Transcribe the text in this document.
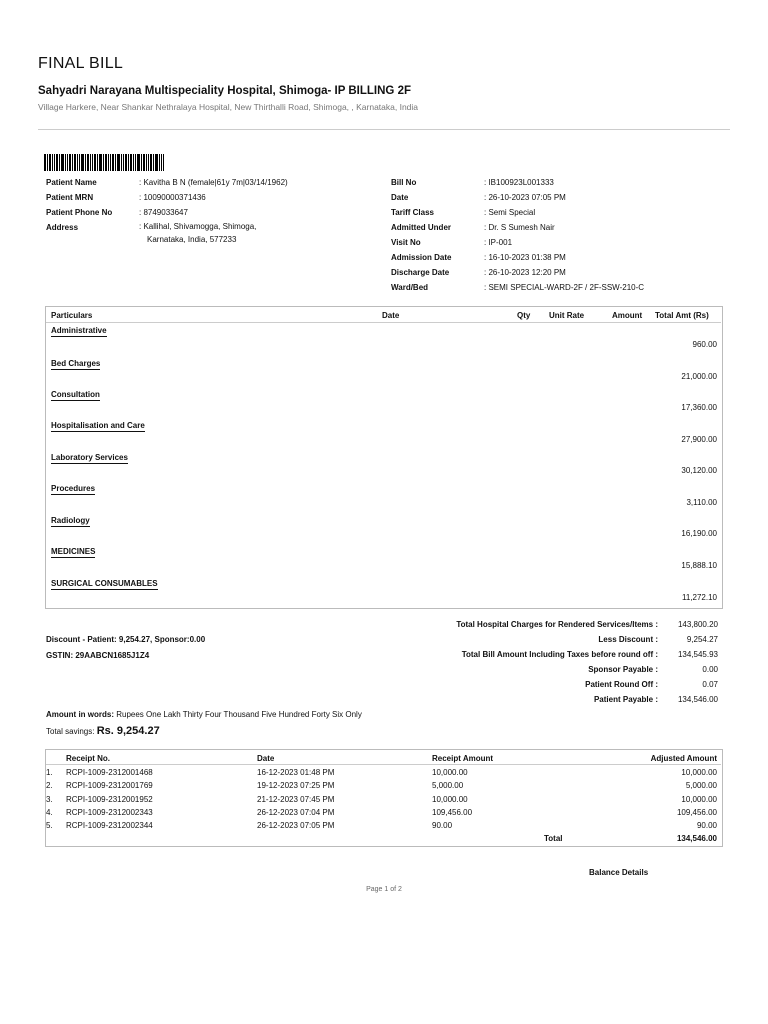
FINAL BILL
Sahyadri Narayana Multispeciality Hospital, Shimoga- IP BILLING 2F
Village Harkere, Near Shankar Nethralaya Hospital, New Thirthalli Road, Shimoga, , Karnataka, India
Patient Name	: Kavitha B N (female|61y 7m|03/14/1962)
Patient MRN	: 10090000371436
Patient Phone No	: 8749033647
Address	: Kallihal, Shivamogga, Shimoga,
Karnataka, India, 577233
Bill No	: IB100923L001333
Date	: 26-10-2023 07:05 PM
Tariff Class	: Semi Special
Admitted Under	: Dr. S Sumesh Nair
Visit No	: IP-001
Admission Date	: 16-10-2023 01:38 PM
Discharge Date	: 26-10-2023 12:20 PM
Ward/Bed	: SEMI SPECIAL-WARD-2F / 2F-SSW-210-C
Particulars	Date	Qty Unit Rate	Amount Total Amt (Rs)
Administrative
960.00
Bed Charges
21,000.00
Consultation
17,360.00
Hospitalisation and Care
27,900.00
Laboratory Services
30,120.00
Procedures
3,110.00
Radiology
16,190.00
MEDICINES
15,888.10
SURGICAL CONSUMABLES
11,272.10
Total Hospital Charges for Rendered Services/Items :	143,800.20
Less Discount :	9,254.27
Total Bill Amount Including Taxes before round off :	134,545.93
Sponsor Payable :	0.00
Patient Round Off :	0.07
Patient Payable :	134,546.00
Discount - Patient: 9,254.27, Sponsor:0.00
GSTIN: 29AABCN1685J1Z4
Amount in words: Rupees One Lakh Thirty Four Thousand Five Hundred Forty Six Only
Total savings: Rs. 9,254.27
Receipt No.	Date	Receipt Amount	Adjusted Amount
1. RCPI-1009-2312001468	16-12-2023 01:48 PM	10,000.00	10,000.00
2. RCPI-1009-2312001769	19-12-2023 07:25 PM	5,000.00	5,000.00
3. RCPI-1009-2312001952	21-12-2023 07:45 PM	10,000.00	10,000.00
4. RCPI-1009-2312002343	26-12-2023 07:04 PM	109,456.00	109,456.00
5. RCPI-1009-2312002344	26-12-2023 07:05 PM	90.00	90.00
Total	134,546.00
Balance Details
Page 1 of 2
